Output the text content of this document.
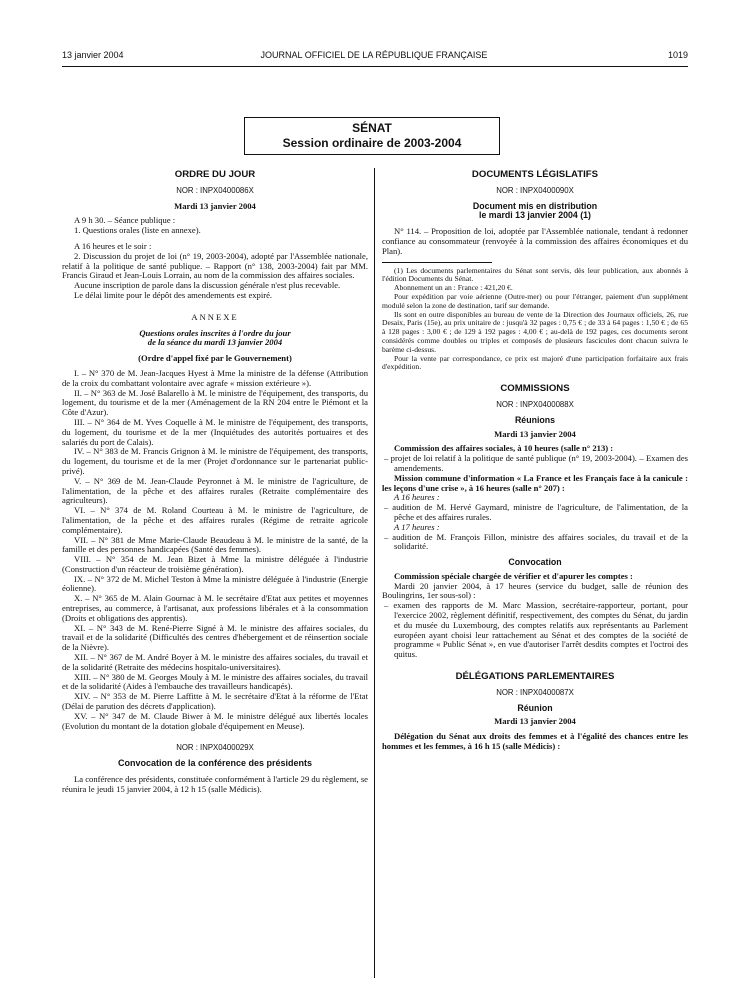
13 janvier 2004	JOURNAL OFFICIEL DE LA RÉPUBLIQUE FRANÇAISE	1019
SÉNAT
Session ordinaire de 2003-2004
ORDRE DU JOUR
NOR : INPX0400086X
Mardi 13 janvier 2004

A 9 h 30. – Séance publique :

1. Questions orales (liste en annexe).

A 16 heures et le soir :

2. Discussion du projet de loi (n° 19, 2003-2004), adopté par l'Assemblée nationale, relatif à la politique de santé publique. – Rapport (n° 138, 2003-2004) fait par MM. Francis Giraud et Jean-Louis Lorrain, au nom de la commission des affaires sociales.

Aucune inscription de parole dans la discussion générale n'est plus recevable.

Le délai limite pour le dépôt des amendements est expiré.

ANNEXE
Questions orales inscrites à l'ordre du jour
de la séance du mardi 13 janvier 2004
(Ordre d'appel fixé par le Gouvernement)

I. – N° 370 de M. Jean-Jacques Hyest à Mme la ministre de la défense (Attribution de la croix du combattant volontaire avec agrafe « mission extérieure »).

II. – N° 363 de M. José Balarello à M. le ministre de l'équipement, des transports, du logement, du tourisme et de la mer (Aménagement de la RN 204 entre le Piémont et la Côte d'Azur).

III. – N° 364 de M. Yves Coquelle à M. le ministre de l'équipement, des transports, du logement, du tourisme et de la mer (Inquiétudes des autorités portuaires et des salariés du port de Calais).

IV. – N° 383 de M. Francis Grignon à M. le ministre de l'équipement, des transports, du logement, du tourisme et de la mer (Projet d'ordonnance sur le partenariat public-privé).

V. – N° 369 de M. Jean-Claude Peyronnet à M. le ministre de l'agriculture, de l'alimentation, de la pêche et des affaires rurales (Retraite complémentaire des agriculteurs).

VI. – N° 374 de M. Roland Courteau à M. le ministre de l'agriculture, de l'alimentation, de la pêche et des affaires rurales (Régime de retraite agricole complémentaire).

VII. – N° 381 de Mme Marie-Claude Beaudeau à M. le ministre de la santé, de la famille et des personnes handicapées (Santé des femmes).

VIII. – N° 354 de M. Jean Bizet à Mme la ministre déléguée à l'industrie (Construction d'un réacteur de troisième génération).

IX. – N° 372 de M. Michel Teston à Mme la ministre déléguée à l'industrie (Energie éolienne).

X. – N° 365 de M. Alain Gournac à M. le secrétaire d'Etat aux petites et moyennes entreprises, au commerce, à l'artisanat, aux professions libérales et à la consommation (Droits et obligations des apprentis).

XI. – N° 343 de M. René-Pierre Signé à M. le ministre des affaires sociales, du travail et de la solidarité (Difficultés des centres d'hébergement et de réinsertion sociale de la Nièvre).

XII. – N° 367 de M. André Boyer à M. le ministre des affaires sociales, du travail et de la solidarité (Retraite des médecins hospitalo-universitaires).

XIII. – N° 380 de M. Georges Mouly à M. le ministre des affaires sociales, du travail et de la solidarité (Aides à l'embauche des travailleurs handicapés).

XIV. – N° 353 de M. Pierre Laffitte à M. le secrétaire d'Etat à la réforme de l'Etat (Délai de parution des décrets d'application).

XV. – N° 347 de M. Claude Biwer à M. le ministre délégué aux libertés locales (Evolution du montant de la dotation globale d'équipement en Meuse).

NOR : INPX0400029X
Convocation de la conférence des présidents

La conférence des présidents, constituée conformément à l'article 29 du règlement, se réunira le jeudi 15 janvier 2004, à 12 h 15 (salle Médicis).

DOCUMENTS LÉGISLATIFS
NOR : INPX0400090X
Document mis en distribution
le mardi 13 janvier 2004 (1)

N° 114. – Proposition de loi, adoptée par l'Assemblée nationale, tendant à redonner confiance au consommateur (renvoyée à la commission des affaires économiques et du Plan).

(1) Les documents parlementaires du Sénat sont servis, dès leur publication, aux abonnés à l'édition Documents du Sénat.

Abonnement un an : France : 421,20 €.

Pour expédition par voie aérienne (Outre-mer) ou pour l'étranger, paiement d'un supplément modulé selon la zone de destination, tarif sur demande.

Ils sont en outre disponibles au bureau de vente de la Direction des Journaux officiels, 26, rue Desaix, Paris (15e), au prix unitaire de : jusqu'à 32 pages : 0,75 € ; de 33 à 64 pages : 1,50 € ; de 65 à 128 pages : 3,00 € ; de 129 à 192 pages : 4,00 € ; au-delà de 192 pages, ces documents seront considérés comme doubles ou triples et composés de plusieurs fascicules dont chacun suivra le barème ci-dessus.

Pour la vente par correspondance, ce prix est majoré d'une participation forfaitaire aux frais d'expédition.

COMMISSIONS
NOR : INPX0400088X
Réunions
Mardi 13 janvier 2004

Commission des affaires sociales, à 10 heures (salle n° 213) :

– projet de loi relatif à la politique de santé publique (n° 19, 2003-2004). – Examen des amendements.

Mission commune d'information « La France et les Français face à la canicule : les leçons d'une crise », à 16 heures (salle n° 207) :

A 16 heures :

– audition de M. Hervé Gaymard, ministre de l'agriculture, de l'alimentation, de la pêche et des affaires rurales.

A 17 heures :

– audition de M. François Fillon, ministre des affaires sociales, du travail et de la solidarité.

Convocation

Commission spéciale chargée de vérifier et d'apurer les comptes :

Mardi 20 janvier 2004, à 17 heures (service du budget, salle de réunion des Boulingrins, 1er sous-sol) :

– examen des rapports de M. Marc Massion, secrétaire-rapporteur, portant, pour l'exercice 2002, règlement définitif, respectivement, des comptes du Sénat, du jardin et du musée du Luxembourg, des comptes relatifs aux représentants au Parlement européen ayant choisi leur rattachement au Sénat et des comptes de la société de programme « Public Sénat », en vue d'autoriser l'arrêt desdits comptes et l'octroi des quitus.

DÉLÉGATIONS PARLEMENTAIRES
NOR : INPX0400087X
Réunion
Mardi 13 janvier 2004

Délégation du Sénat aux droits des femmes et à l'égalité des chances entre les hommes et les femmes, à 16 h 15 (salle Médicis) :
